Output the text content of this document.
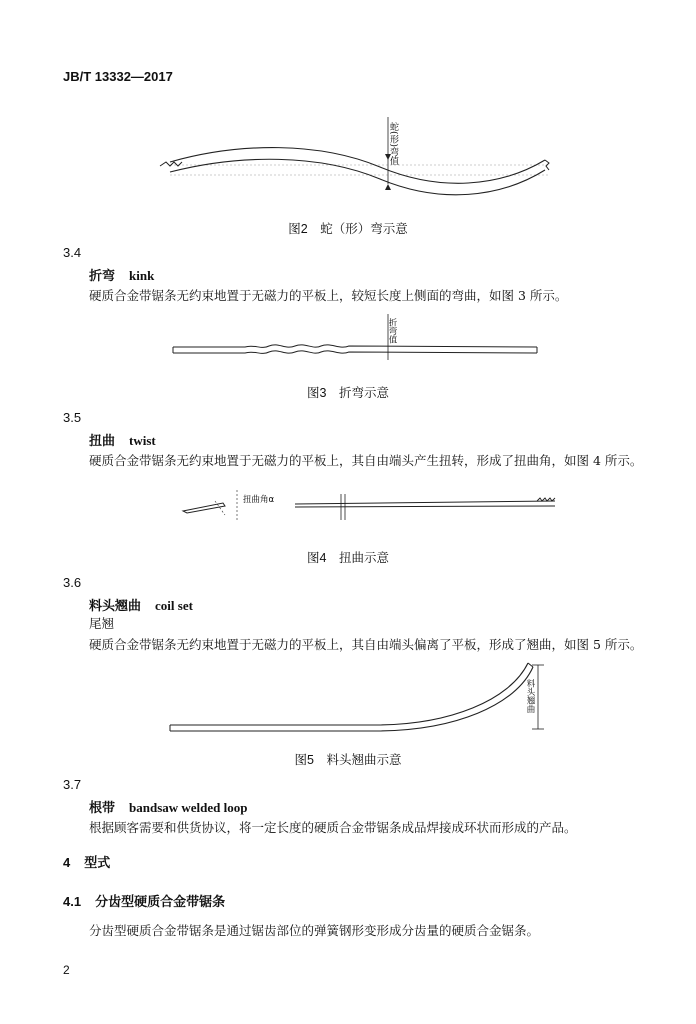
JB/T 13332—2017
蛇(形)弯值
图2　蛇（形）弯示意
3.4
折弯 kink
硬质合金带锯条无约束地置于无磁力的平板上，较短长度上侧面的弯曲，如图 3 所示。
折弯值
图3　折弯示意
3.5
扭曲 twist
硬质合金带锯条无约束地置于无磁力的平板上，其自由端头产生扭转，形成了扭曲角，如图 4 所示。
扭曲角α
图4　扭曲示意
3.6
料头翘曲 coil set
尾翘
硬质合金带锯条无约束地置于无磁力的平板上，其自由端头偏离了平板，形成了翘曲，如图 5 所示。
料头翘曲
图5　料头翘曲示意
3.7
根带 bandsaw welded loop
根据顾客需要和供货协议，将一定长度的硬质合金带锯条成品焊接成环状而形成的产品。
4 型式
4.1 分齿型硬质合金带锯条
分齿型硬质合金带锯条是通过锯齿部位的弹簧钢形变形成分齿量的硬质合金锯条。
2
